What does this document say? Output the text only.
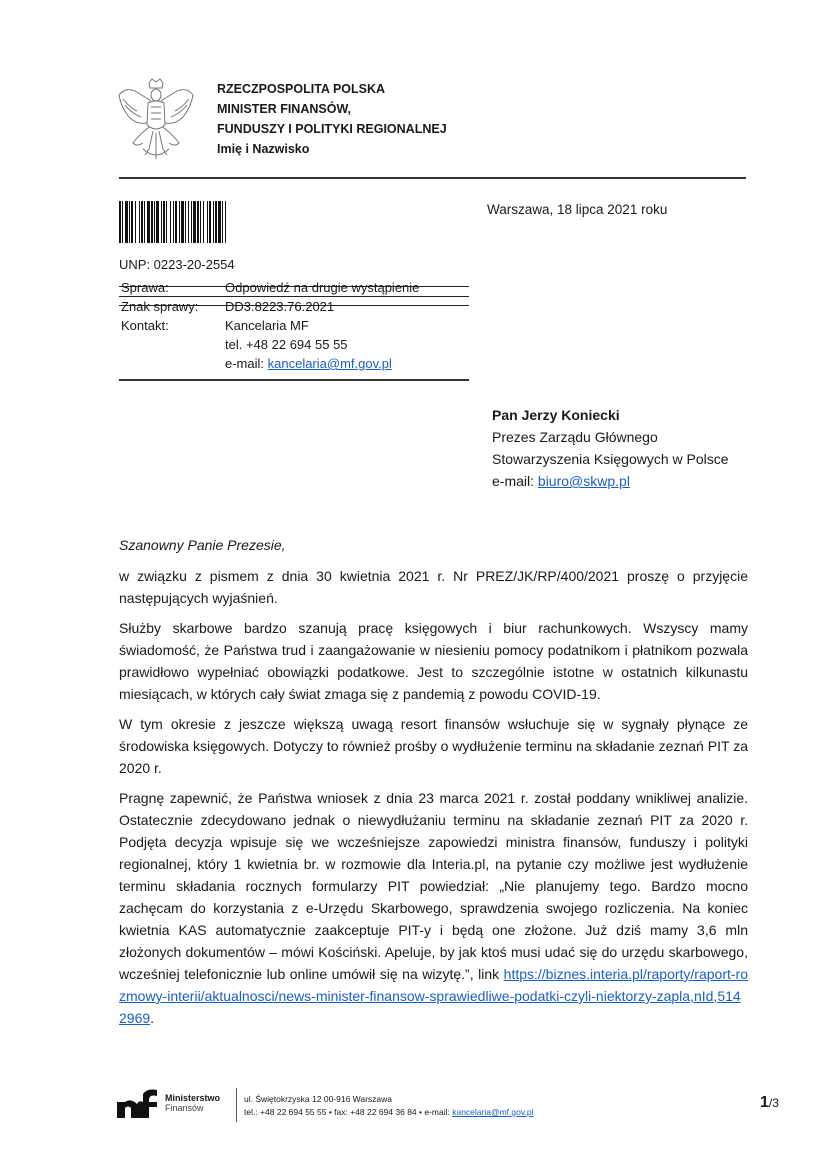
RZECZPOSPOLITA POLSKA
MINISTER FINANSÓW,
FUNDUSZY I POLITYKI REGIONALNEJ
Imię i Nazwisko
Warszawa, 18 lipca 2021 roku
UNP: 0223-20-2554
Sprawa:	Odpowiedź na drugie wystąpienie
Znak sprawy:	DD3.8223.76.2021
Kontakt:	Kancelaria MF
tel. +48 22 694 55 55
e-mail: kancelaria@mf.gov.pl
Pan Jerzy Koniecki
Prezes Zarządu Głównego
Stowarzyszenia Księgowych w Polsce
e-mail: biuro@skwp.pl

Szanowny Panie Prezesie,

w związku z pismem z dnia 30 kwietnia 2021 r. Nr PREZ/JK/RP/400/2021 proszę o przyjęcie następujących wyjaśnień.

Służby skarbowe bardzo szanują pracę księgowych i biur rachunkowych. Wszyscy mamy świadomość, że Państwa trud i zaangażowanie w niesieniu pomocy podatnikom i płatnikom pozwala prawidłowo wypełniać obowiązki podatkowe. Jest to szczególnie istotne w ostatnich kilkunastu miesiącach, w których cały świat zmaga się z pandemią z powodu COVID-19.

W tym okresie z jeszcze większą uwagą resort finansów wsłuchuje się w sygnały płynące ze środowiska księgowych. Dotyczy to również prośby o wydłużenie terminu na składanie zeznań PIT za 2020 r.

Pragnę zapewnić, że Państwa wniosek z dnia 23 marca 2021 r. został poddany wnikliwej analizie. Ostatecznie zdecydowano jednak o niewydłużaniu terminu na składanie zeznań PIT za 2020 r. Podjęta decyzja wpisuje się we wcześniejsze zapowiedzi ministra finansów, funduszy i polityki regionalnej, który 1 kwietnia br. w rozmowie dla Interia.pl, na pytanie czy możliwe jest wydłużenie terminu składania rocznych formularzy PIT powiedział: „Nie planujemy tego. Bardzo mocno zachęcam do korzystania z e-Urzędu Skarbowego, sprawdzenia swojego rozliczenia. Na koniec kwietnia KAS automatycznie zaakceptuje PIT-y i będą one złożone. Już dziś mamy 3,6 mln złożonych dokumentów – mówi Kościński. Apeluje, by jak ktoś musi udać się do urzędu skarbowego, wcześniej telefonicznie lub online umówił się na wizytę.”, link https://biznes.interia.pl/raporty/raport-rozmowy-interii/aktualnosci/news-minister-finansow-sprawiedliwe-podatki-czyli-niektorzy-zapla,nId,5142969.

Ministerstwo
Finansów
ul. Świętokrzyska 12 00-916 Warszawa
tel.: +48 22 694 55 55 • fax: +48 22 694 36 84 • e-mail: kancelaria@mf.gov.pl
1/3
